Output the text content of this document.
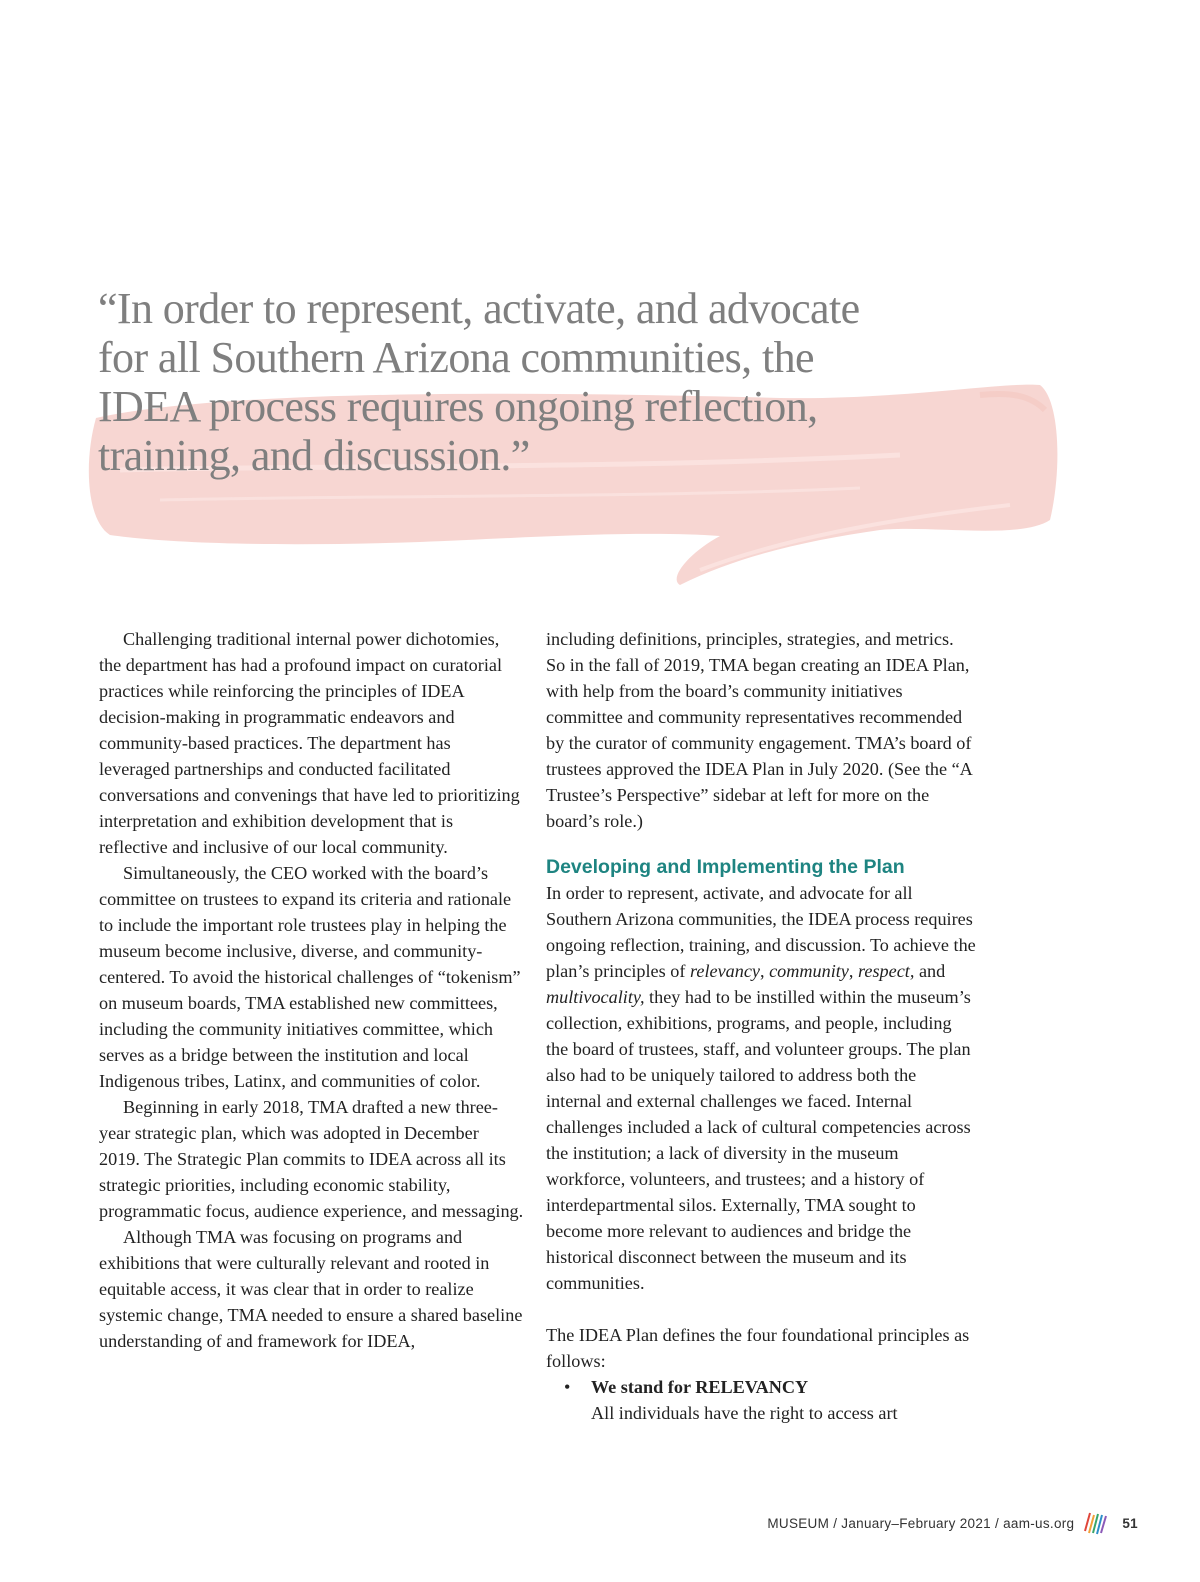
“In order to represent, activate, and advocate for all Southern Arizona communities, the IDEA process requires ongoing reflection, training, and discussion.”

Challenging traditional internal power dichotomies, the department has had a profound impact on curatorial practices while reinforcing the principles of IDEA decision-making in programmatic endeavors and community-based practices. The department has leveraged partnerships and conducted facilitated conversations and convenings that have led to prioritizing interpretation and exhibition development that is reflective and inclusive of our local community.

Simultaneously, the CEO worked with the board’s committee on trustees to expand its criteria and rationale to include the important role trustees play in helping the museum become inclusive, diverse, and community-centered. To avoid the historical challenges of “tokenism” on museum boards, TMA established new committees, including the community initiatives committee, which serves as a bridge between the institution and local Indigenous tribes, Latinx, and communities of color.

Beginning in early 2018, TMA drafted a new three-year strategic plan, which was adopted in December 2019. The Strategic Plan commits to IDEA across all its strategic priorities, including economic stability, programmatic focus, audience experience, and messaging.

Although TMA was focusing on programs and exhibitions that were culturally relevant and rooted in equitable access, it was clear that in order to realize systemic change, TMA needed to ensure a shared baseline understanding of and framework for IDEA,

including definitions, principles, strategies, and metrics. So in the fall of 2019, TMA began creating an IDEA Plan, with help from the board’s community initiatives committee and community representatives recommended by the curator of community engagement. TMA’s board of trustees approved the IDEA Plan in July 2020. (See the “A Trustee’s Perspective” sidebar at left for more on the board’s role.)

Developing and Implementing the Plan

In order to represent, activate, and advocate for all Southern Arizona communities, the IDEA process requires ongoing reflection, training, and discussion. To achieve the plan’s principles of relevancy, community, respect, and multivocality, they had to be instilled within the museum’s collection, exhibitions, programs, and people, including the board of trustees, staff, and volunteer groups. The plan also had to be uniquely tailored to address both the internal and external challenges we faced. Internal challenges included a lack of cultural competencies across the institution; a lack of diversity in the museum workforce, volunteers, and trustees; and a history of interdepartmental silos. Externally, TMA sought to become more relevant to audiences and bridge the historical disconnect between the museum and its communities.

The IDEA Plan defines the four foundational principles as follows:

• We stand for RELEVANCY
All individuals have the right to access art
MUSEUM / January–February 2021 / aam-us.org	51
